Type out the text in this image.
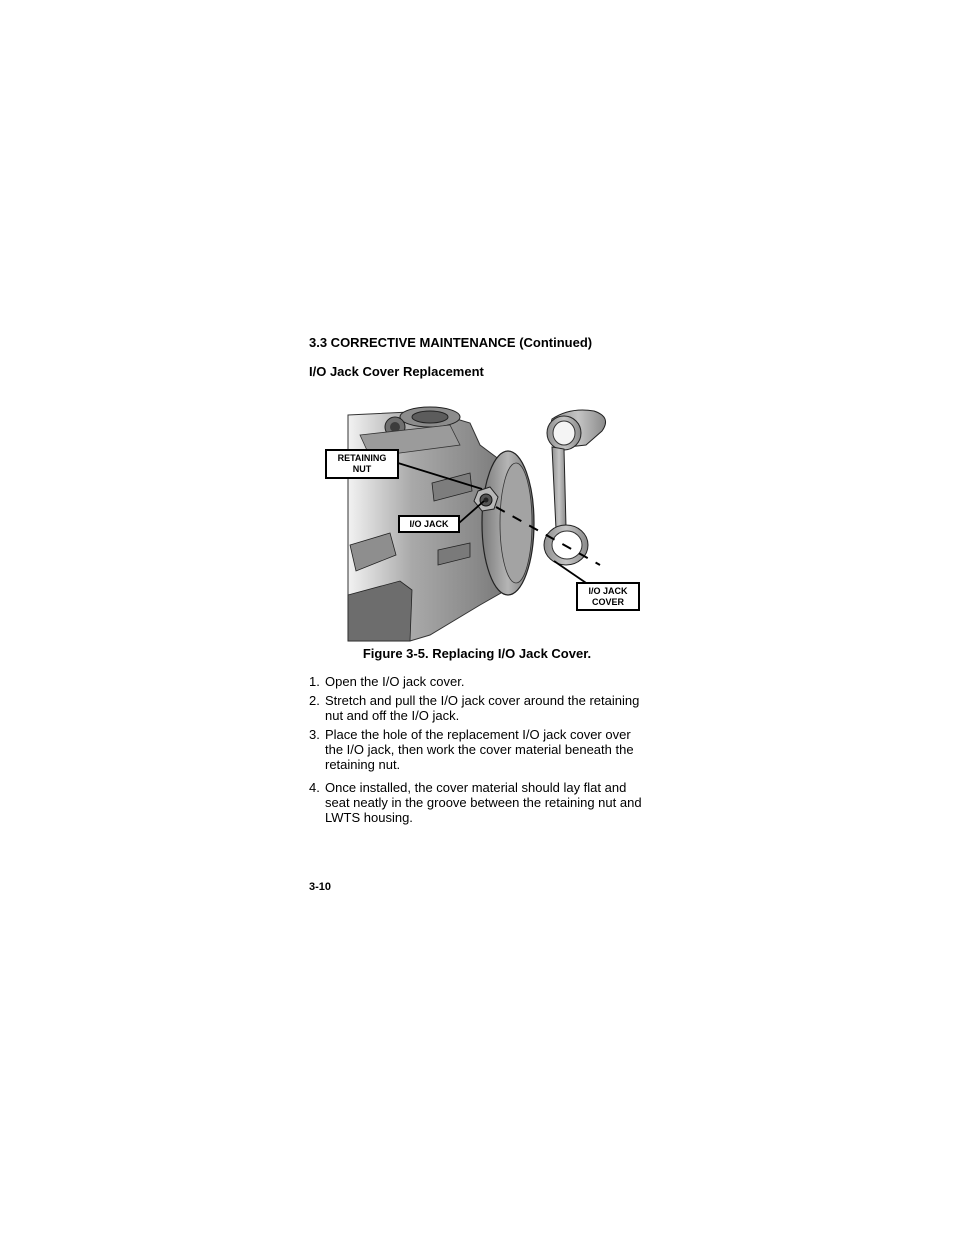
3.3 CORRECTIVE MAINTENANCE (Continued)
I/O Jack Cover Replacement
RETAINING
NUT
I/O JACK
I/O JACK
COVER
Figure 3-5. Replacing I/O Jack Cover.
1. Open the I/O jack cover.
2. Stretch and pull the I/O jack cover around the retaining nut and off the I/O jack.
3. Place the hole of the replacement I/O jack cover over the I/O jack, then work the cover material beneath the retaining nut.
4. Once installed, the cover material should lay flat and seat neatly in the groove between the retaining nut and LWTS housing.
3-10
